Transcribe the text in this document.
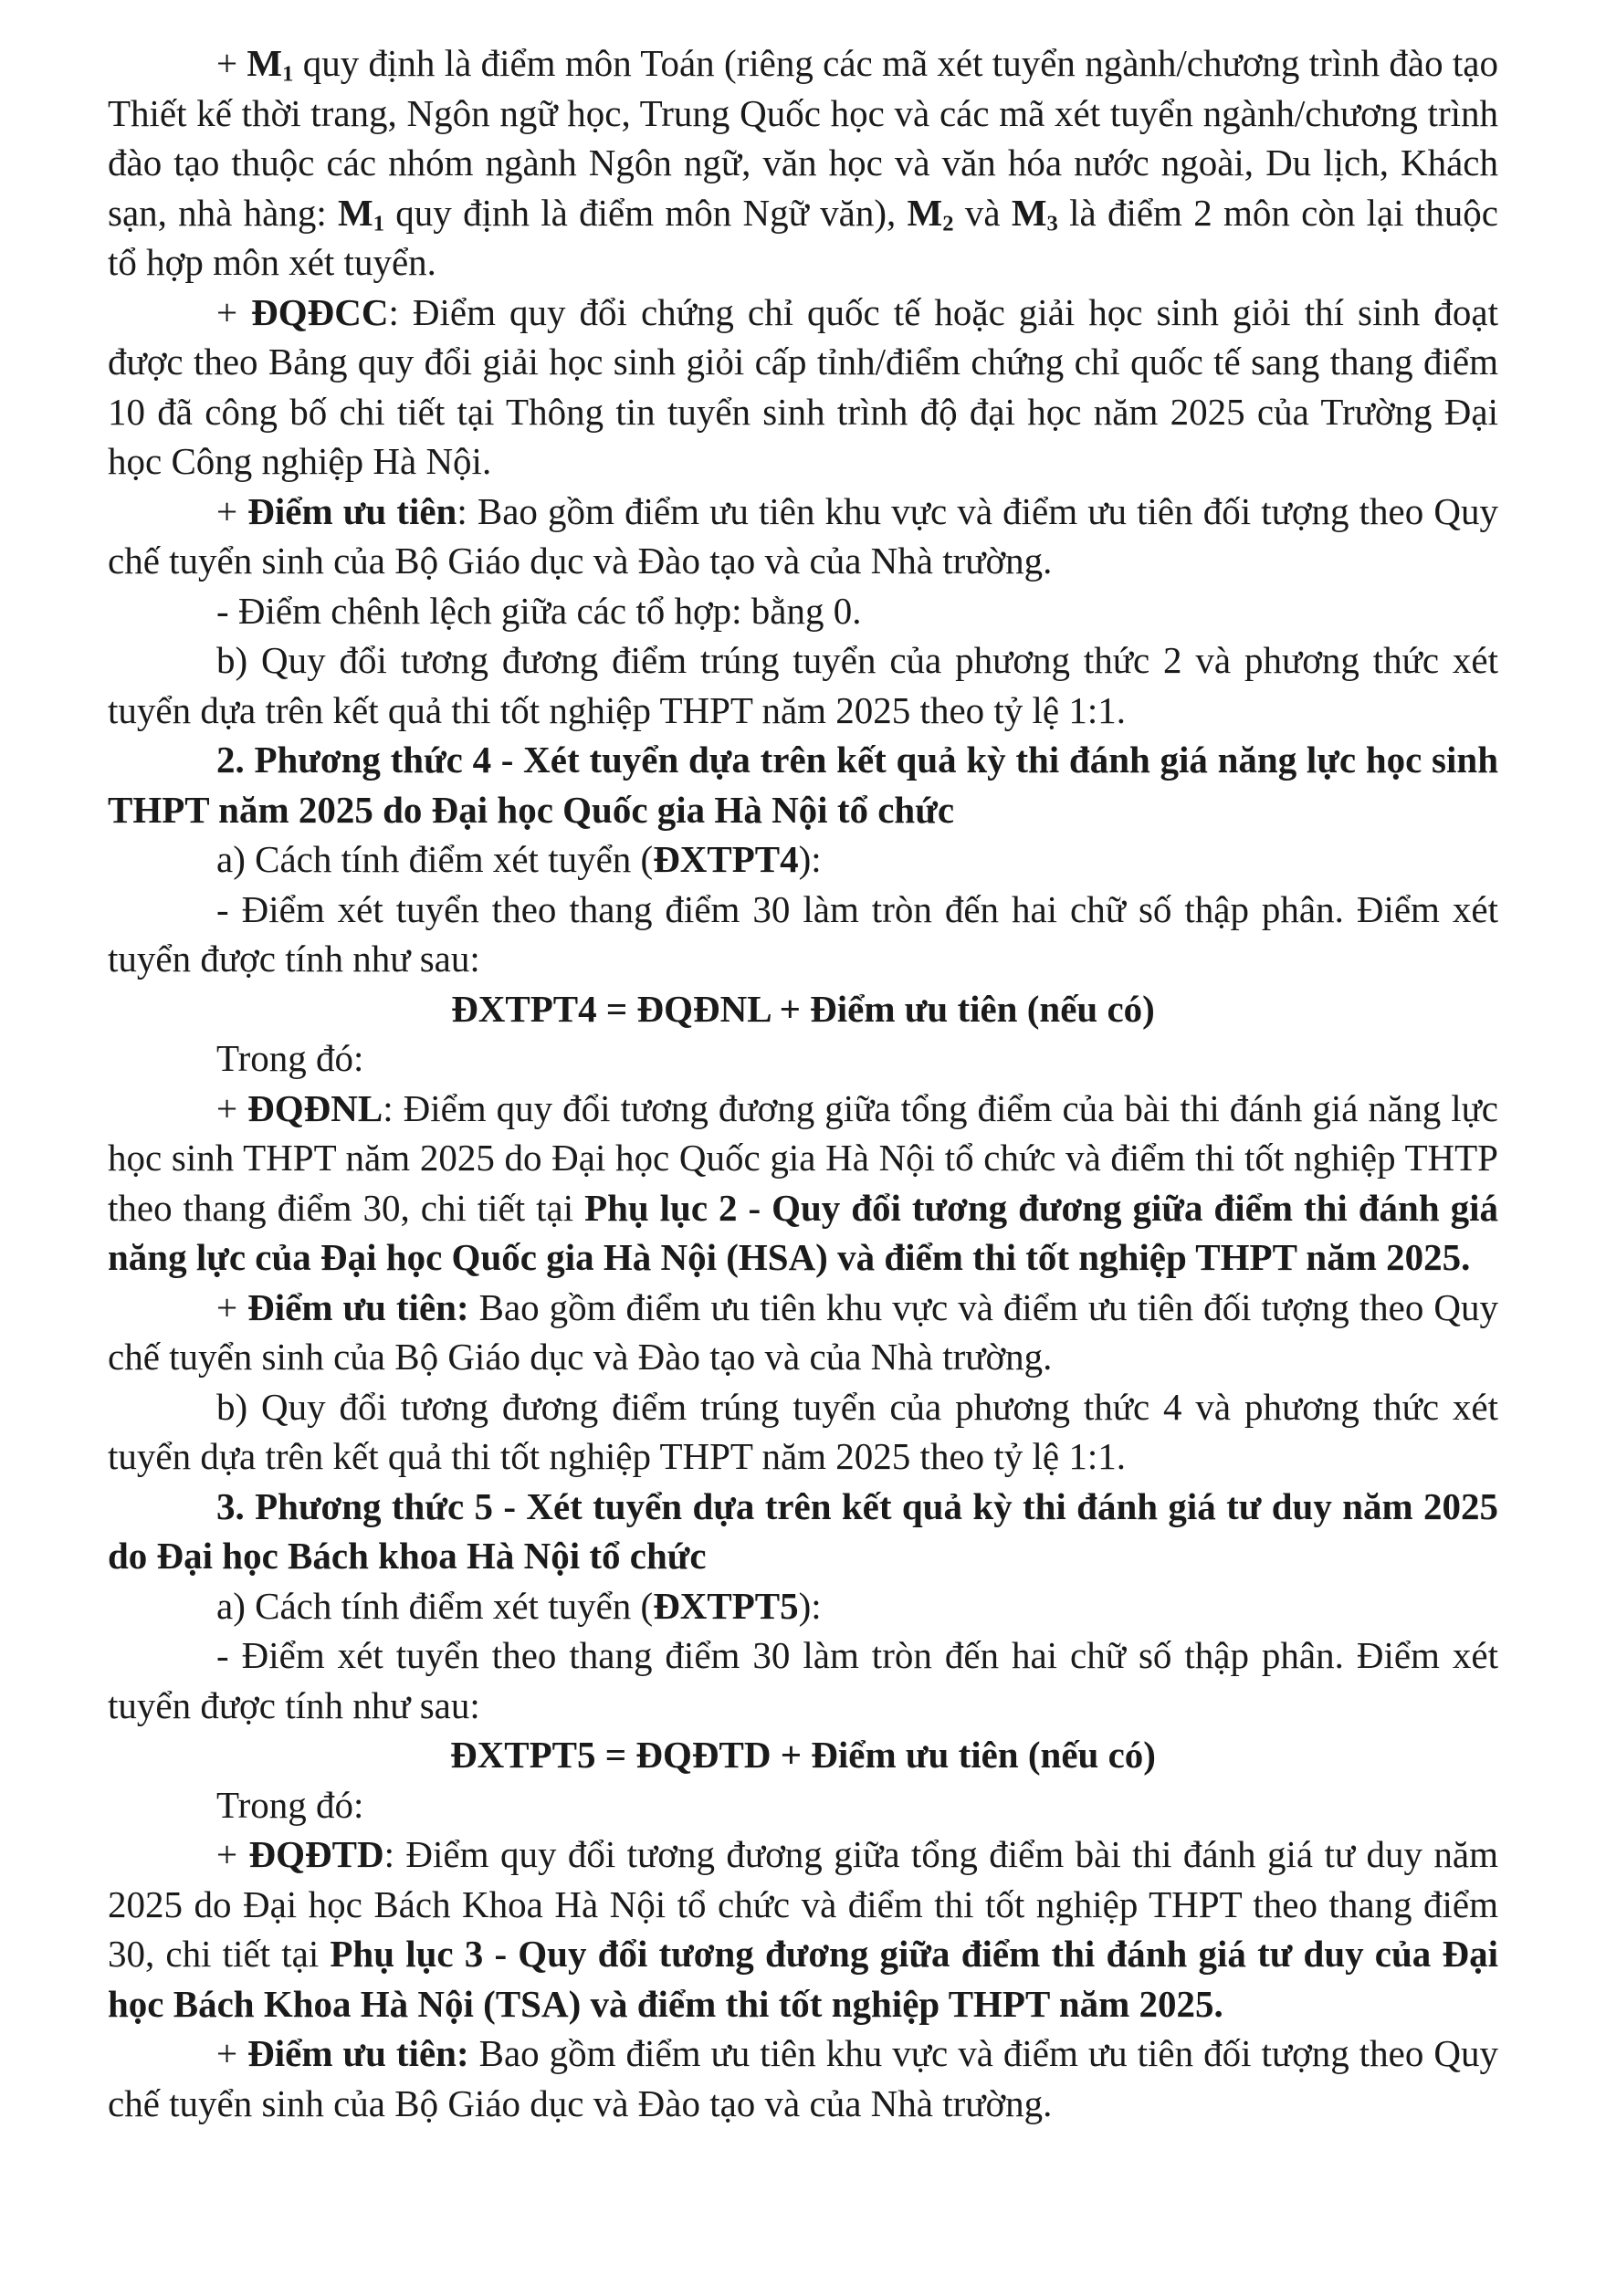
+ $M_1$ quy định là điểm môn Toán (riêng các mã xét tuyển ngành/chương trình đào tạo Thiết kế thời trang, Ngôn ngữ học, Trung Quốc học và các mã xét tuyển ngành/chương trình đào tạo thuộc các nhóm ngành Ngôn ngữ, văn học và văn hóa nước ngoài, Du lịch, Khách sạn, nhà hàng: $M_1$ quy định là điểm môn Ngữ văn), $M_2$ và $M_3$ là điểm 2 môn còn lại thuộc tổ hợp môn xét tuyển.

+ ĐQĐCC: Điểm quy đổi chứng chỉ quốc tế hoặc giải học sinh giỏi thí sinh đoạt được theo Bảng quy đổi giải học sinh giỏi cấp tỉnh/điểm chứng chỉ quốc tế sang thang điểm 10 đã công bố chi tiết tại Thông tin tuyển sinh trình độ đại học năm 2025 của Trường Đại học Công nghiệp Hà Nội.

+ Điểm ưu tiên: Bao gồm điểm ưu tiên khu vực và điểm ưu tiên đối tượng theo Quy chế tuyển sinh của Bộ Giáo dục và Đào tạo và của Nhà trường.

- Điểm chênh lệch giữa các tổ hợp: bằng 0.

b) Quy đổi tương đương điểm trúng tuyển của phương thức 2 và phương thức xét tuyển dựa trên kết quả thi tốt nghiệp THPT năm 2025 theo tỷ lệ 1:1.

2. Phương thức 4 - Xét tuyển dựa trên kết quả kỳ thi đánh giá năng lực học sinh THPT năm 2025 do Đại học Quốc gia Hà Nội tổ chức

a) Cách tính điểm xét tuyển (ĐXTPT4):

- Điểm xét tuyển theo thang điểm 30 làm tròn đến hai chữ số thập phân. Điểm xét tuyển được tính như sau:

ĐXTPT4 = ĐQĐNL + Điểm ưu tiên (nếu có)

Trong đó:

+ ĐQĐNL: Điểm quy đổi tương đương giữa tổng điểm của bài thi đánh giá năng lực học sinh THPT năm 2025 do Đại học Quốc gia Hà Nội tổ chức và điểm thi tốt nghiệp THTP theo thang điểm 30, chi tiết tại Phụ lục 2 - Quy đổi tương đương giữa điểm thi đánh giá năng lực của Đại học Quốc gia Hà Nội (HSA) và điểm thi tốt nghiệp THPT năm 2025.

+ Điểm ưu tiên: Bao gồm điểm ưu tiên khu vực và điểm ưu tiên đối tượng theo Quy chế tuyển sinh của Bộ Giáo dục và Đào tạo và của Nhà trường.

b) Quy đổi tương đương điểm trúng tuyển của phương thức 4 và phương thức xét tuyển dựa trên kết quả thi tốt nghiệp THPT năm 2025 theo tỷ lệ 1:1.

3. Phương thức 5 - Xét tuyển dựa trên kết quả kỳ thi đánh giá tư duy năm 2025 do Đại học Bách khoa Hà Nội tổ chức

a) Cách tính điểm xét tuyển (ĐXTPT5):

- Điểm xét tuyển theo thang điểm 30 làm tròn đến hai chữ số thập phân. Điểm xét tuyển được tính như sau:

ĐXTPT5 = ĐQĐTD + Điểm ưu tiên (nếu có)

Trong đó:

+ ĐQĐTD: Điểm quy đổi tương đương giữa tổng điểm bài thi đánh giá tư duy năm 2025 do Đại học Bách Khoa Hà Nội tổ chức và điểm thi tốt nghiệp THPT theo thang điểm 30, chi tiết tại Phụ lục 3 - Quy đổi tương đương giữa điểm thi đánh giá tư duy của Đại học Bách Khoa Hà Nội (TSA) và điểm thi tốt nghiệp THPT năm 2025.

+ Điểm ưu tiên: Bao gồm điểm ưu tiên khu vực và điểm ưu tiên đối tượng theo Quy chế tuyển sinh của Bộ Giáo dục và Đào tạo và của Nhà trường.
